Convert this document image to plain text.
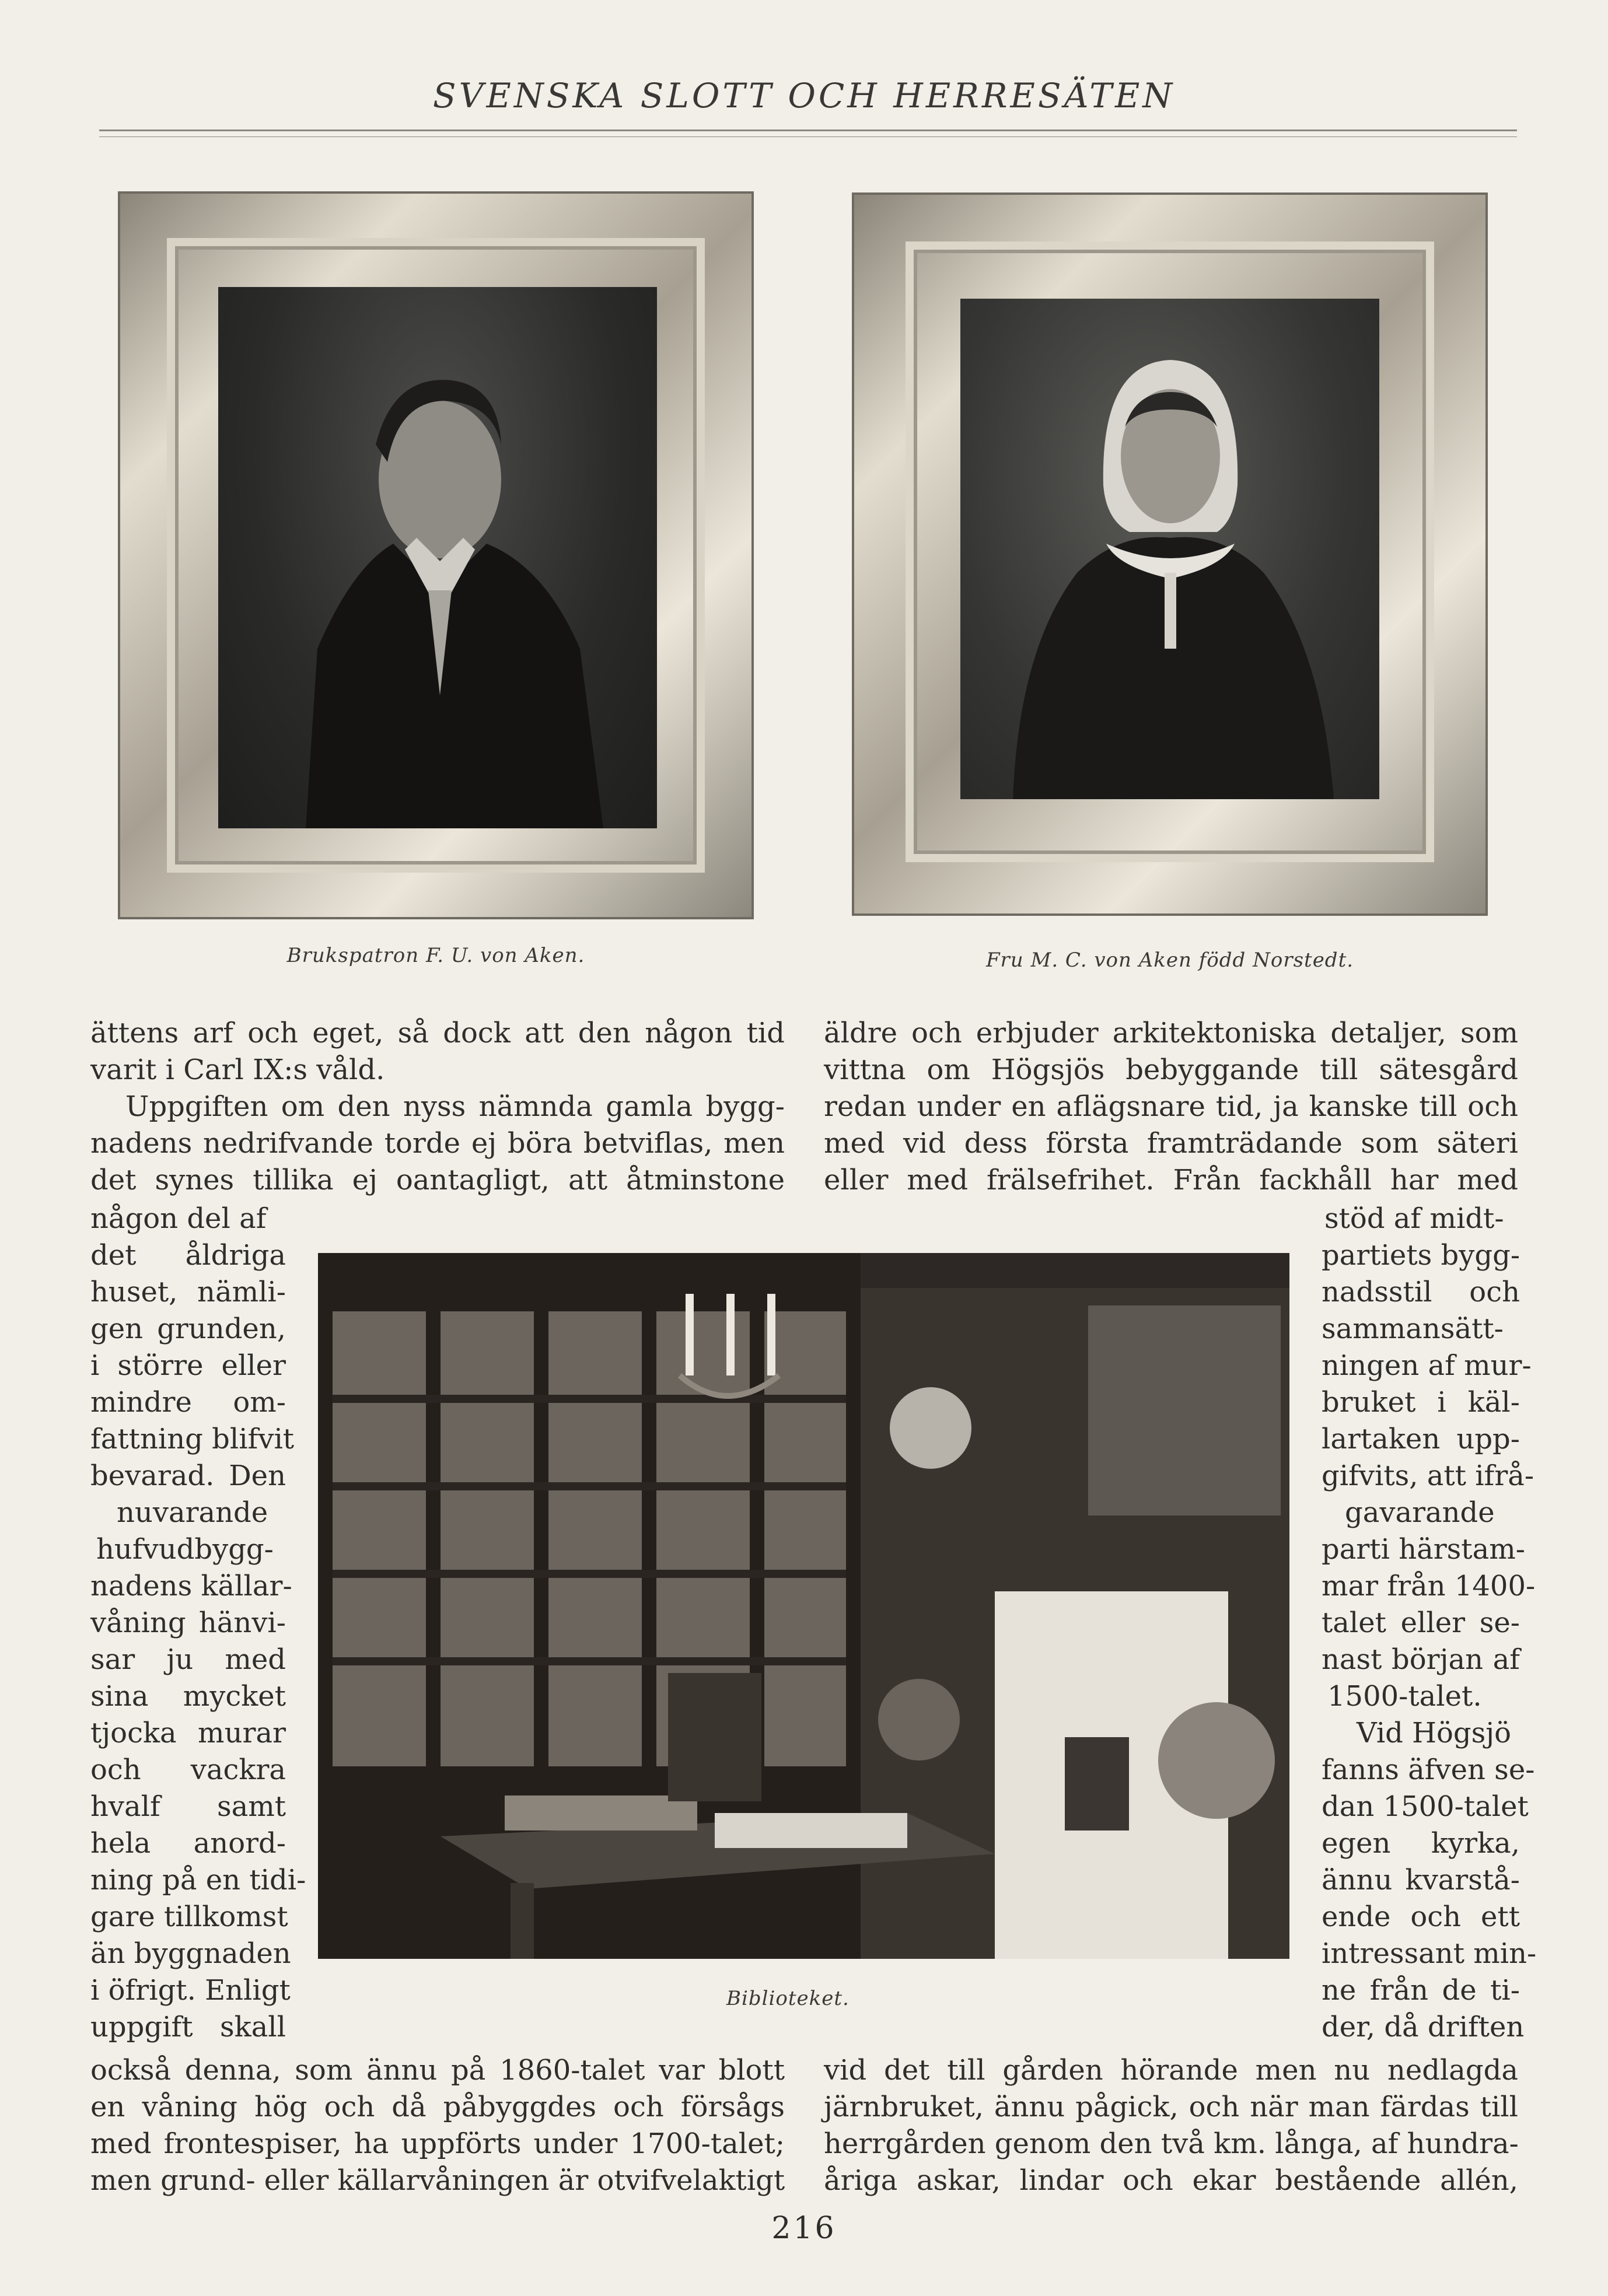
SVENSKA SLOTT OCH HERRESÄTEN
Brukspatron F. U. von Aken.	Fru M. C. von Aken född Norstedt.
ättens arf och eget, så dock att den någon tid
varit i Carl IX:s våld.
Uppgiften om den nyss nämnda gamla bygg-
nadens nedrifvande torde ej böra betviflas, men
det synes tillika ej oantagligt, att åtminstone
äldre och erbjuder arkitektoniska detaljer, som
vittna om Högsjös bebyggande till sätesgård
redan under en aflägsnare tid, ja kanske till och
med vid dess första framträdande som säteri
eller med frälsefrihet. Från fackhåll har med
någon del af
det åldriga
huset, nämli-
gen grunden,
i större eller
mindre om-
fattning blifvit
bevarad. Den
nuvarande
hufvudbygg-
nadens källar-
våning hänvi-
sar ju med
sina mycket
tjocka murar
och vackra
hvalf samt
hela anord-
ning på en tidi-
gare tillkomst
än byggnaden
i öfrigt. Enligt
uppgift skall
Biblioteket.
stöd af midt-
partiets bygg-
nadsstil och
sammansätt-
ningen af mur-
bruket i käl-
lartaken upp-
gifvits, att ifrå-
gavarande
parti härstam-
mar från 1400-
talet eller se-
nast början af
1500-talet.
Vid Högsjö
fanns äfven se-
dan 1500-talet
egen kyrka,
ännu kvarstå-
ende och ett
intressant min-
ne från de ti-
der, då driften
också denna, som ännu på 1860-talet var blott
en våning hög och då påbyggdes och försågs
med frontespiser, ha uppförts under 1700-talet;
men grund- eller källarvåningen är otvifvelaktigt
vid det till gården hörande men nu nedlagda
järnbruket, ännu pågick, och när man färdas till
herrgården genom den två km. långa, af hundra-
åriga askar, lindar och ekar bestående allén,
216
